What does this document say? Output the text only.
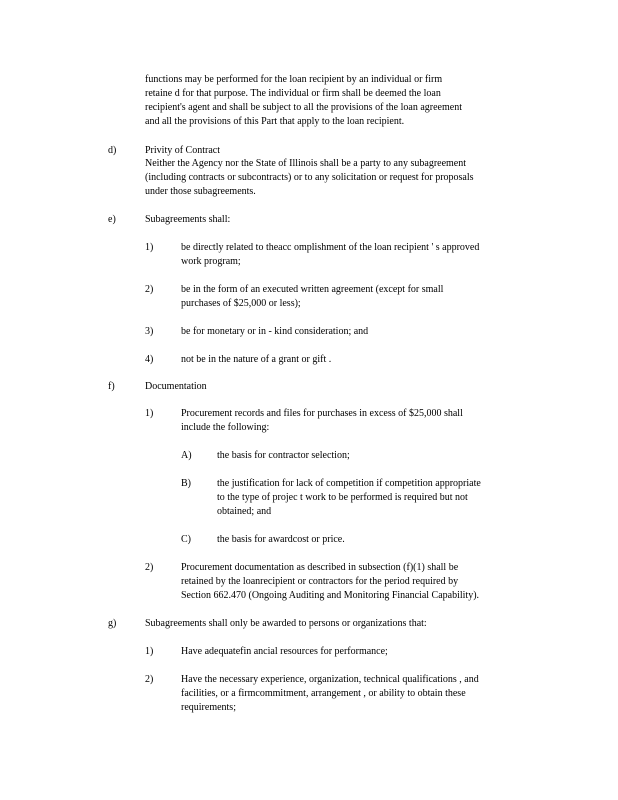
functions may be performed for the loan recipient by an individual or firm
retaine d for that purpose. The individual or firm shall be deemed the loan
recipient's agent and shall be subject to all the provisions of the loan agreement
and all the provisions of this Part that apply to the loan recipient.
d)	Privity of Contract
Neither the Agency nor the State of Illinois shall be a party to any subagreement
(including contracts or subcontracts) or to any solicitation or request for proposals
under those subagreements.
e)	Subagreements shall:
1)	be directly related to theacc omplishment of the loan recipient ' s approved
work program;
2)	be in the form of an executed written agreement (except for small
purchases of $25,000 or less);
3)	be for monetary or in - kind consideration; and
4)	not be in the nature of a grant or gift .
f)	Documentation
1)	Procurement records and files for purchases in excess of $25,000 shall
include the following:
A)	the basis for contractor selection;
B)	the justification for lack of competition if competition appropriate
to the type of projec t work to be performed is required but not
obtained; and
C)	the basis for awardcost or price.
2)	Procurement documentation as described in subsection (f)(1) shall be
retained by the loanrecipient or contractors for the period required by
Section 662.470 (Ongoing Auditing and Monitoring Financial Capability).
g)	Subagreements shall only be awarded to persons or organizations that:
1)	Have adequatefin ancial resources for performance;
2)	Have the necessary experience, organization, technical qualifications , and
facilities, or a firmcommitment, arrangement , or ability to obtain these
requirements;
